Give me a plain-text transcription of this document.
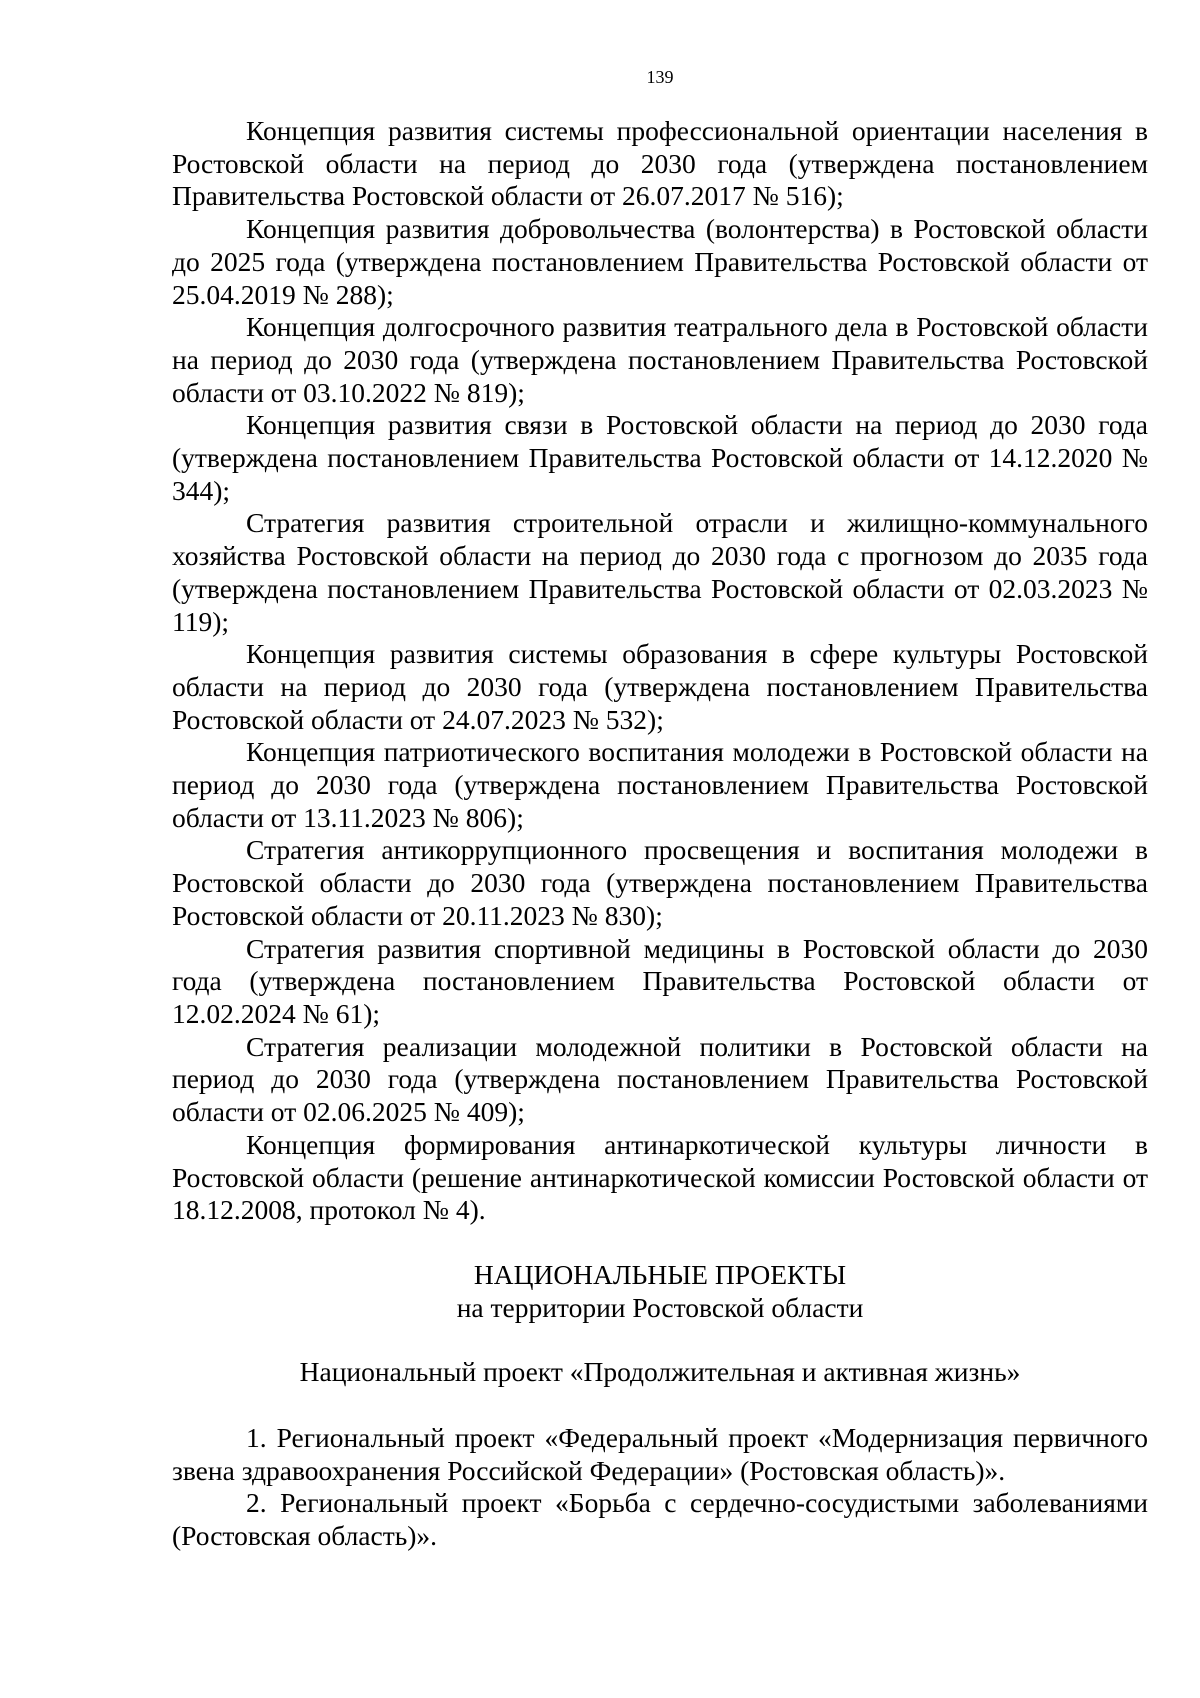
139

Концепция развития системы профессиональной ориентации населения в Ростовской области на период до 2030 года (утверждена постановлением Правительства Ростовской области от 26.07.2017 № 516);

Концепция развития добровольчества (волонтерства) в Ростовской области до 2025 года (утверждена постановлением Правительства Ростовской области от 25.04.2019 № 288);

Концепция долгосрочного развития театрального дела в Ростовской области на период до 2030 года (утверждена постановлением Правительства Ростовской области от 03.10.2022 № 819);

Концепция развития связи в Ростовской области на период до 2030 года (утверждена постановлением Правительства Ростовской области от 14.12.2020 № 344);

Стратегия развития строительной отрасли и жилищно-коммунального хозяйства Ростовской области на период до 2030 года с прогнозом до 2035 года (утверждена постановлением Правительства Ростовской области от 02.03.2023 № 119);

Концепция развития системы образования в сфере культуры Ростовской области на период до 2030 года (утверждена постановлением Правительства Ростовской области от 24.07.2023 № 532);

Концепция патриотического воспитания молодежи в Ростовской области на период до 2030 года (утверждена постановлением Правительства Ростовской области от 13.11.2023 № 806);

Стратегия антикоррупционного просвещения и воспитания молодежи в Ростовской области до 2030 года (утверждена постановлением Правительства Ростовской области от 20.11.2023 № 830);

Стратегия развития спортивной медицины в Ростовской области до 2030 года (утверждена постановлением Правительства Ростовской области от 12.02.2024 № 61);

Стратегия реализации молодежной политики в Ростовской области на период до 2030 года (утверждена постановлением Правительства Ростовской области от 02.06.2025 № 409);

Концепция формирования антинаркотической культуры личности в Ростовской области (решение антинаркотической комиссии Ростовской области от 18.12.2008, протокол № 4).

НАЦИОНАЛЬНЫЕ ПРОЕКТЫ

на территории Ростовской области

Национальный проект «Продолжительная и активная жизнь»

1. Региональный проект «Федеральный проект «Модернизация первичного звена здравоохранения Российской Федерации» (Ростовская область)».

2. Региональный проект «Борьба с сердечно-сосудистыми заболеваниями (Ростовская область)».
